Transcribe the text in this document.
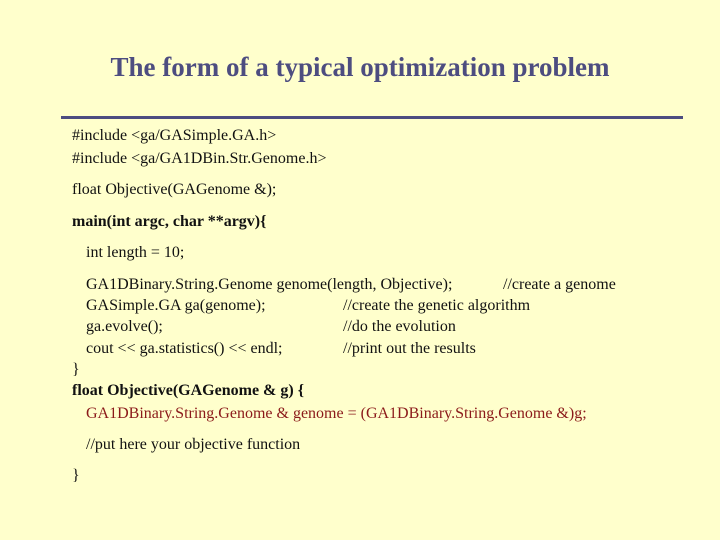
The form of a typical optimization problem
#include <ga/GASimple.GA.h>
#include <ga/GA1DBin.Str.Genome.h>
float Objective(GAGenome &);
main(int argc, char **argv){
int length = 10;
GA1DBinary.String.Genome genome(length, Objective);	//create a genome
GASimple.GA ga(genome);	//create the genetic algorithm
ga.evolve();	//do the evolution
cout << ga.statistics() << endl;	//print out the results
}
float Objective(GAGenome & g) {
GA1DBinary.String.Genome & genome = (GA1DBinary.String.Genome &)g;
//put here your objective function
}
